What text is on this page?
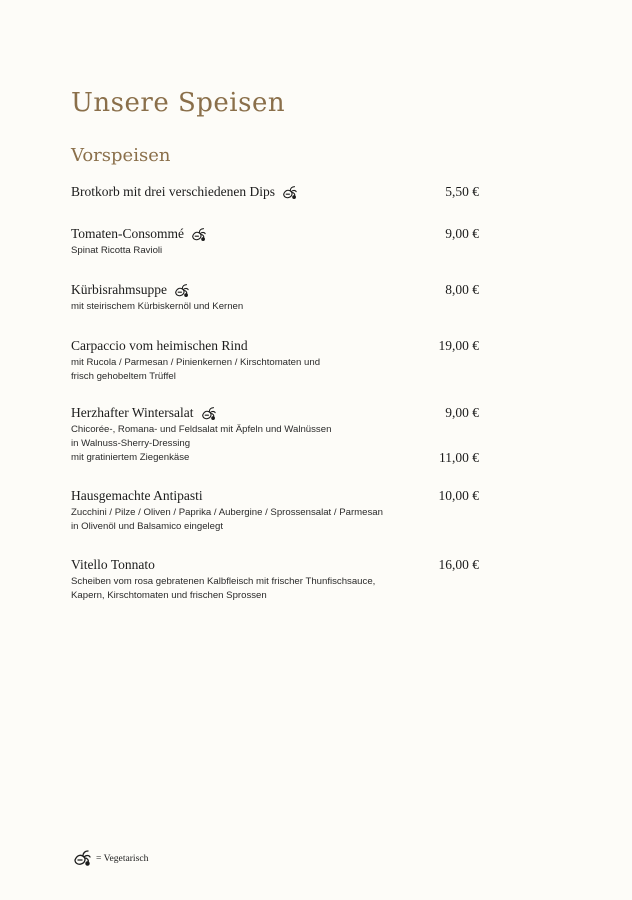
Unsere Speisen
Vorspeisen
Brotkorb mit drei verschiedenen Dips	5,50 €
Tomaten-Consommé	9,00 €
Spinat Ricotta Ravioli
Kürbisrahmsuppe	8,00 €
mit steirischem Kürbiskernöl und Kernen
Carpaccio vom heimischen Rind	19,00 €
mit Rucola / Parmesan / Pinienkernen / Kirschtomaten und
frisch gehobeltem Trüffel
Herzhafter Wintersalat	9,00 €
Chicorée-, Romana- und Feldsalat mit Äpfeln und Walnüssen
in Walnuss-Sherry-Dressing
mit gratiniertem Ziegenkäse	11,00 €
Hausgemachte Antipasti	10,00 €
Zucchini / Pilze / Oliven / Paprika / Aubergine / Sprossensalat / Parmesan
in Olivenöl und Balsamico eingelegt
Vitello Tonnato	16,00 €
Scheiben vom rosa gebratenen Kalbfleisch mit frischer Thunfischsauce,
Kapern, Kirschtomaten und frischen Sprossen
= Vegetarisch
